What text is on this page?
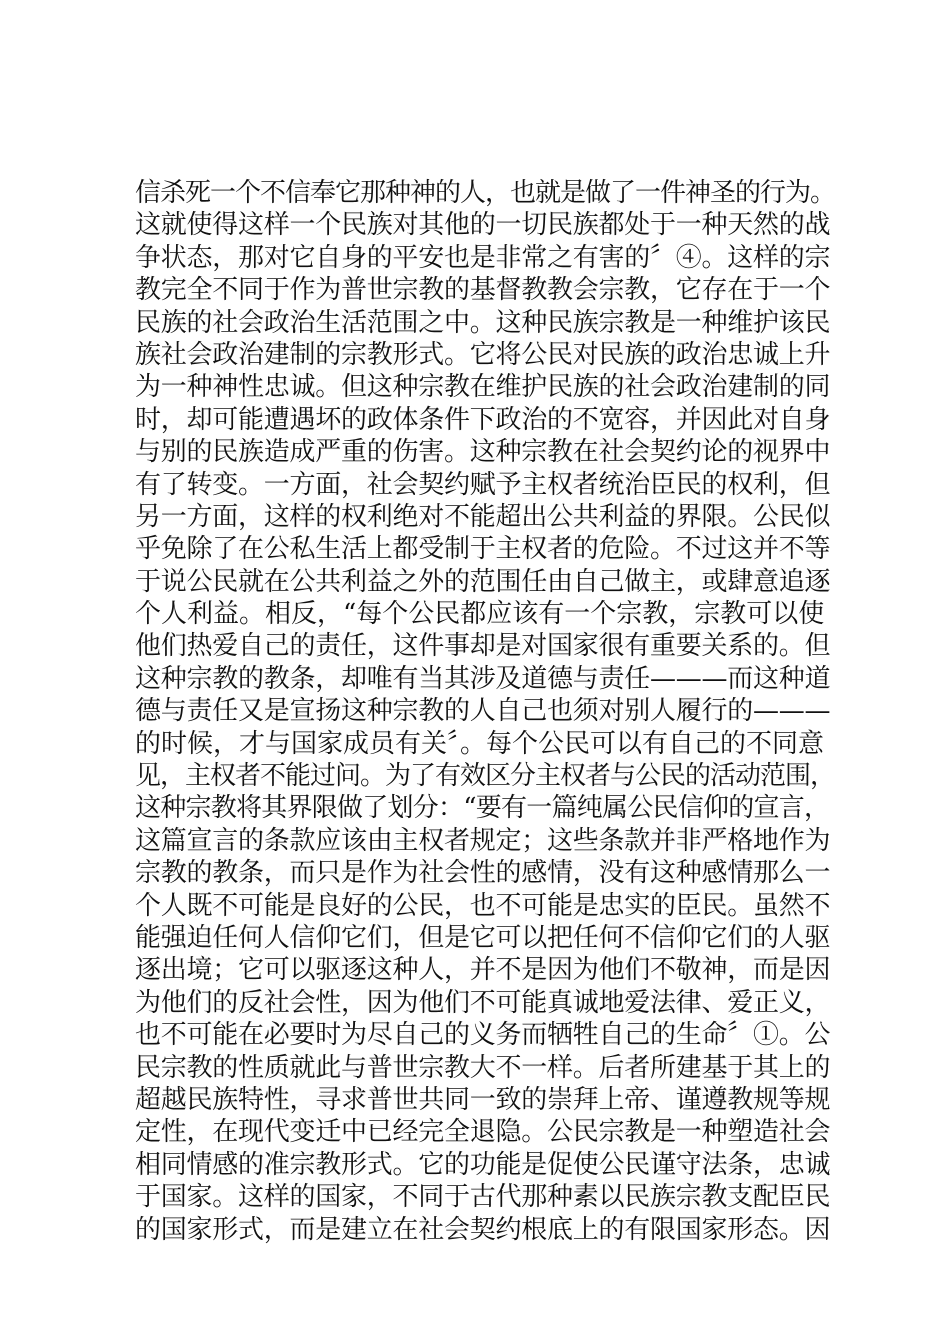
信杀死一个不信奉它那种神的人，也就是做了一件神圣的行为。
这就使得这样一个民族对其他的一切民族都处于一种天然的战
争状态，那对它自身的平安也是非常之有害的〞④。这样的宗
教完全不同于作为普世宗教的基督教教会宗教，它存在于一个
民族的社会政治生活范围之中。这种民族宗教是一种维护该民
族社会政治建制的宗教形式。它将公民对民族的政治忠诚上升
为一种神性忠诚。但这种宗教在维护民族的社会政治建制的同
时，却可能遭遇坏的政体条件下政治的不宽容，并因此对自身
与别的民族造成严重的伤害。这种宗教在社会契约论的视界中
有了转变。一方面，社会契约赋予主权者统治臣民的权利，但
另一方面，这样的权利绝对不能超出公共利益的界限。公民似
乎免除了在公私生活上都受制于主权者的危险。不过这并不等
于说公民就在公共利益之外的范围任由自己做主，或肆意追逐
个人利益。相反，“每个公民都应该有一个宗教，宗教可以使
他们热爱自己的责任，这件事却是对国家很有重要关系的。但
这种宗教的教条，却唯有当其涉及道德与责任———而这种道
德与责任又是宣扬这种宗教的人自己也须对别人履行的———
的时候，才与国家成员有关〞。每个公民可以有自己的不同意
见，主权者不能过问。为了有效区分主权者与公民的活动范围，
这种宗教将其界限做了划分：“要有一篇纯属公民信仰的宣言，
这篇宣言的条款应该由主权者规定；这些条款并非严格地作为
宗教的教条，而只是作为社会性的感情，没有这种感情那么一
个人既不可能是良好的公民，也不可能是忠实的臣民。虽然不
能强迫任何人信仰它们，但是它可以把任何不信仰它们的人驱
逐出境；它可以驱逐这种人，并不是因为他们不敬神，而是因
为他们的反社会性，因为他们不可能真诚地爱法律、爱正义，
也不可能在必要时为尽自己的义务而牺牲自己的生命〞①。公
民宗教的性质就此与普世宗教大不一样。后者所建基于其上的
超越民族特性，寻求普世共同一致的崇拜上帝、谨遵教规等规
定性，在现代变迁中已经完全退隐。公民宗教是一种塑造社会
相同情感的准宗教形式。它的功能是促使公民谨守法条，忠诚
于国家。这样的国家，不同于古代那种素以民族宗教支配臣民
的国家形式，而是建立在社会契约根底上的有限国家形态。因
